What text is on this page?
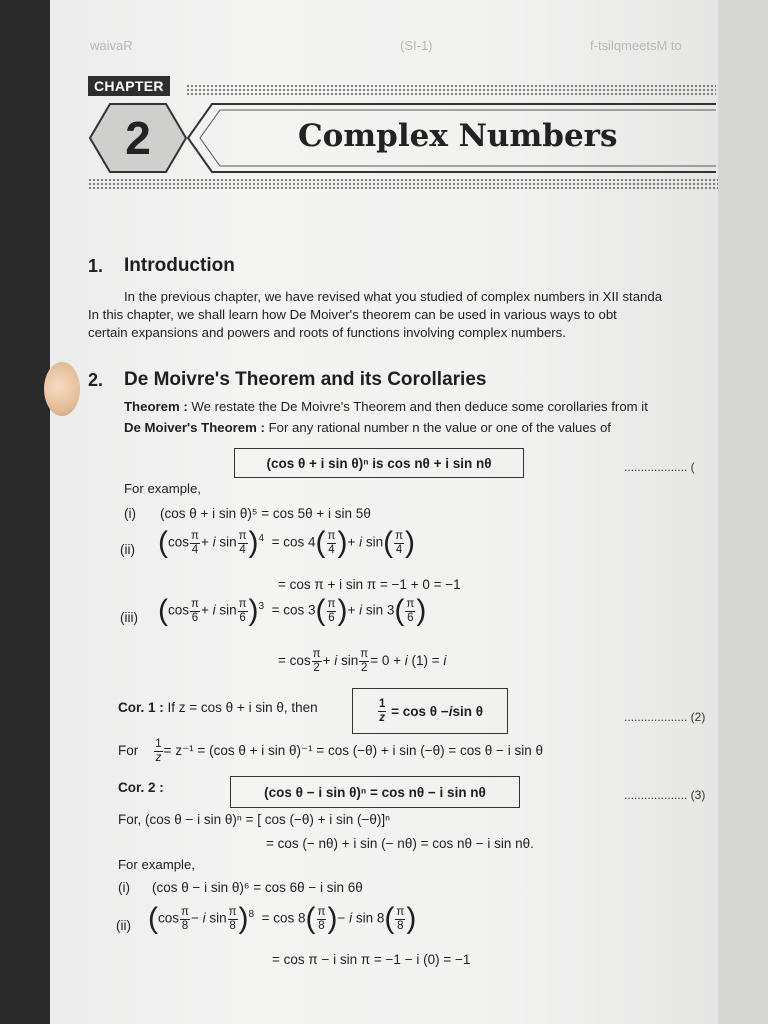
waivaR	(SI-1)	f-tsilqmeetsM to
CHAPTER
2	Complex Numbers
1. Introduction
In the previous chapter, we have revised what you studied of complex numbers in XII standa
In this chapter, we shall learn how De Moiver's theorem can be used in various ways to obt
certain expansions and powers and roots of functions involving complex numbers.
2. De Moivre's Theorem and its Corollaries
Theorem : We restate the De Moivre's Theorem and then deduce some corollaries from it
De Moiver's Theorem : For any rational number n the value or one of the values of
(cos θ + i sin θ)ⁿ is cos nθ + i sin nθ	................... (
For example,
(i) (cos θ + i sin θ)⁵ = cos 5θ + i sin 5θ
(ii) ($\cos \frac{\pi}{4} + i$ $\sin \frac{\pi}{4} )^4 = \cos 4( \frac{\pi}{4}$ )+ i $\sin( \frac{\pi}{4}$ )
= cos π + i sin π = −1 + 0 = −1
(iii) ($\cos \frac{\pi}{6} + i$ $\sin \frac{\pi}{6} )^3 = \cos 3( \frac{\pi}{6}$ )+ i $\sin 3( \frac{\pi}{6}$ )
= $\cos \frac{\pi}{2} + i$ $\sin \frac{\pi}{2} = 0 + i$ (1) = i
Cor. 1 : If z = cos θ + i sin θ, then	$\frac{1}{z} = \cos \theta - i$ sin θ	................... (2)
For $\frac{1}{z} = z^{-1} = (\cos$ θ + i sin θ)⁻¹ = cos (−θ) + i sin (−θ) = cos θ − i sin θ
Cor. 2 :	(cos θ − i sin θ)ⁿ = cos nθ − i sin nθ	................... (3)
For, (cos θ − i sin θ)ⁿ = [ cos (−θ) + i sin (−θ)]ⁿ
= cos (− nθ) + i sin (− nθ) = cos nθ − i sin nθ.
For example,
(i) (cos θ − i sin θ)⁶ = cos 6θ − i sin 6θ
(ii) ($\cos \frac{\pi}{8} - i$ $\sin \frac{\pi}{8} )^8 = \cos 8( \frac{\pi}{8}$ )− i $\sin 8( \frac{\pi}{8}$ )
= cos π − i sin π = −1 − i (0) = −1
